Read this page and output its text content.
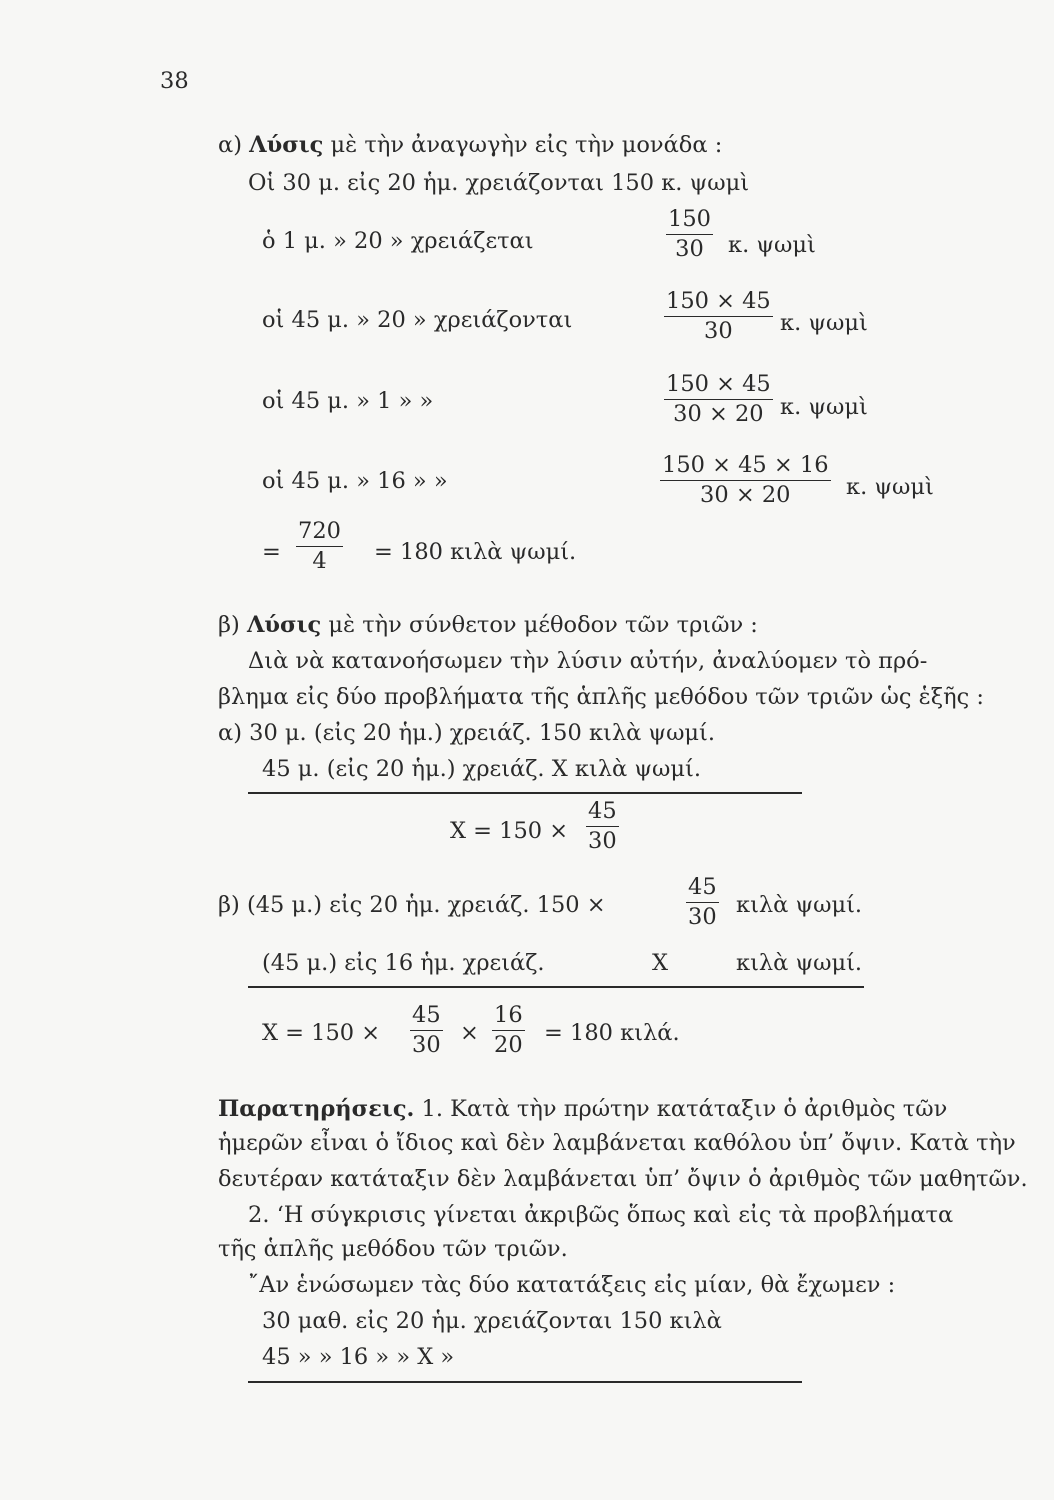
38
α) Λύσις μὲ τὴν ἀναγωγὴν εἰς τὴν μονάδα :
Οἱ 30 μ. εἰς 20 ἡμ. χρειάζονται 150 κ. ψωμὶ
ὁ 1 μ. » 20 » χρειάζεται
150
30 κ. ψωμὶ
οἱ 45 μ. » 20 » χρειάζονται
150 × 45
30 κ. ψωμὶ
οἱ 45 μ. » 1 » »
150 × 45
30 × 20 κ. ψωμὶ
οἱ 45 μ. » 16 » »
150 × 45 × 16
30 × 20 κ. ψωμὶ
=
720
4 = 180 κιλὰ ψωμί.
β) Λύσις μὲ τὴν σύνθετον μέθοδον τῶν τριῶν :
Διὰ νὰ κατανοήσωμεν τὴν λύσιν αὐτήν, ἀναλύομεν τὸ πρό-
βλημα εἰς δύο προβλήματα τῆς ἁπλῆς μεθόδου τῶν τριῶν ὡς ἑξῆς :
α) 30 μ. (εἰς 20 ἡμ.) χρειάζ. 150 κιλὰ ψωμί.
45 μ. (εἰς 20 ἡμ.) χρειάζ. X κιλὰ ψωμί.
X = 150 ×
45
30
β) (45 μ.) εἰς 20 ἡμ. χρειάζ. 150 ×
45
30 κιλὰ ψωμί.
(45 μ.) εἰς 16 ἡμ. χρειάζ.	X	κιλὰ ψωμί.
X = 150 ×
45
30 ×
16
20 = 180 κιλά.
Παρατηρήσεις. 1. Κατὰ τὴν πρώτην κατάταξιν ὁ ἀριθμὸς τῶν
ἡμερῶν εἶναι ὁ ἴδιος καὶ δὲν λαμβάνεται καθόλου ὑπ’ ὄψιν. Κατὰ τὴν
δευτέραν κατάταξιν δὲν λαμβάνεται ὑπ’ ὄψιν ὁ ἀριθμὸς τῶν μαθητῶν.
2. ‘Η σύγκρισις γίνεται ἀκριβῶς ὅπως καὶ εἰς τὰ προβλήματα
τῆς ἁπλῆς μεθόδου τῶν τριῶν.
῎Αν ἑνώσωμεν τὰς δύο κατατάξεις εἰς μίαν, θὰ ἔχωμεν :
30 μαθ. εἰς 20 ἡμ. χρειάζονται 150 κιλὰ
45 » » 16 » » X »
